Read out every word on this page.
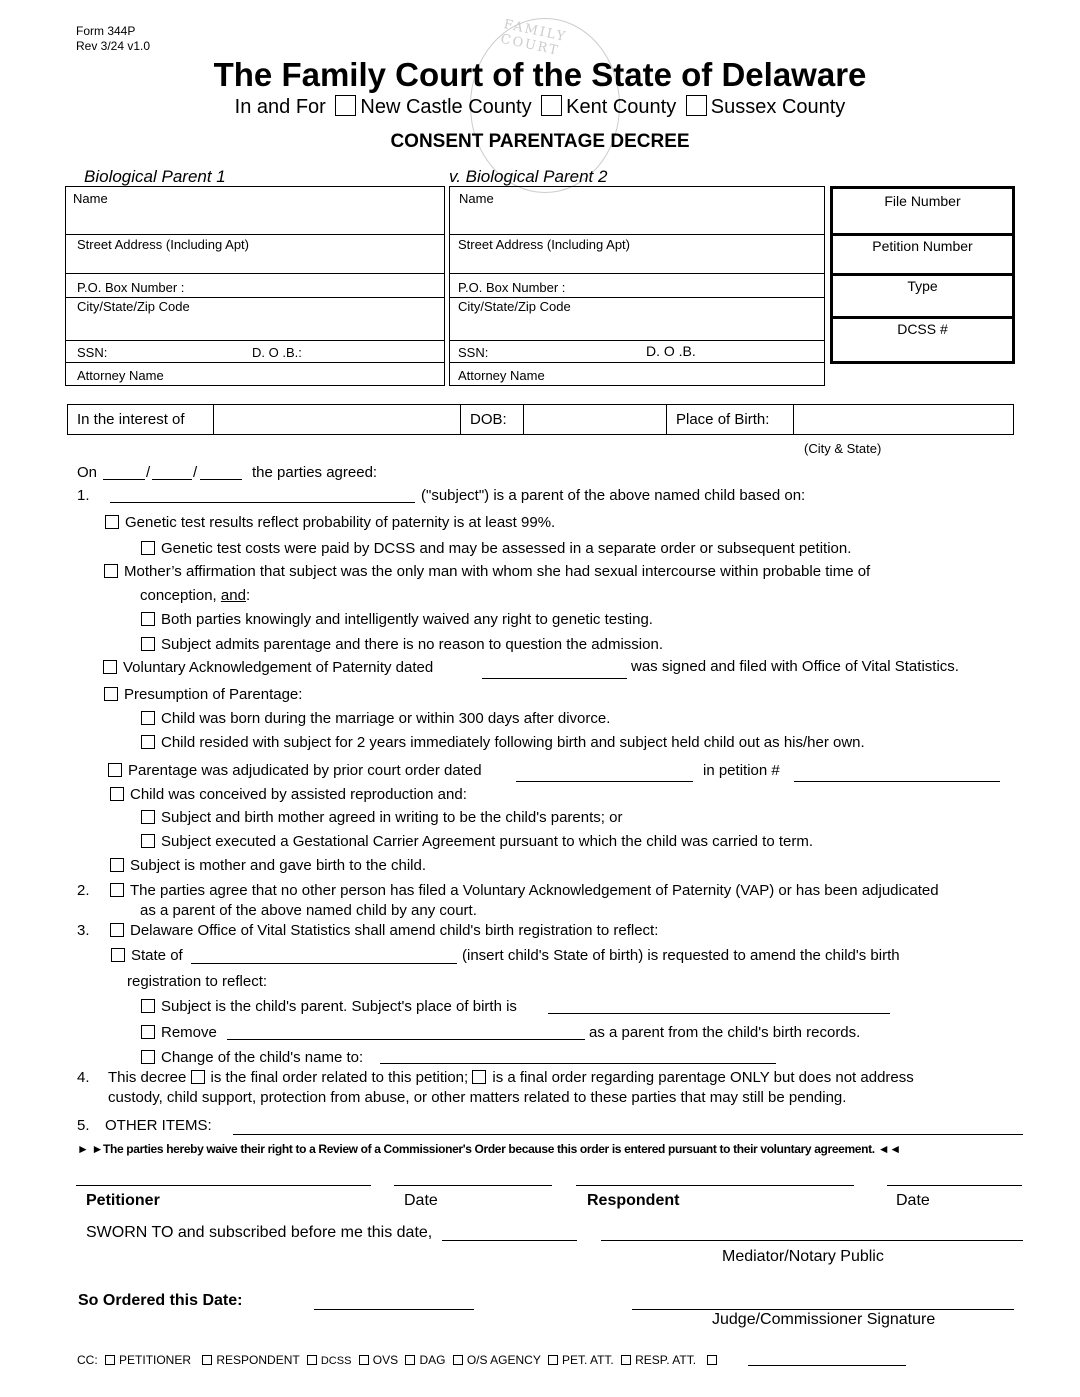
Form 344P
Rev 3/24 v1.0
FAMILY COURT
The Family Court of the State of Delaware
In and For New Castle County Kent County Sussex County
CONSENT PARENTAGE DECREE
Biological Parent 1	v. Biological Parent 2
Name
Street Address (Including Apt)
P.O. Box Number :
City/State/Zip Code
SSN:	D. O .B.:
Attorney Name
Name
Street Address (Including Apt)
P.O. Box Number :
City/State/Zip Code
SSN:	D. O .B.
Attorney Name
File Number
Petition Number
Type
DCSS #
In the interest of	DOB:	Place of Birth:
(City & State)
On	/	/	the parties agreed:
1.	("subject") is a parent of the above named child based on:
Genetic test results reflect probability of paternity is at least 99%.
Genetic test costs were paid by DCSS and may be assessed in a separate order or subsequent petition.
Mother’s affirmation that subject was the only man with whom she had sexual intercourse within probable time of
conception, and:
Both parties knowingly and intelligently waived any right to genetic testing.
Subject admits parentage and there is no reason to question the admission.
Voluntary Acknowledgement of Paternity dated	was signed and filed with Office of Vital Statistics.
Presumption of Parentage:
Child was born during the marriage or within 300 days after divorce.
Child resided with subject for 2 years immediately following birth and subject held child out as his/her own.
Parentage was adjudicated by prior court order dated	in petition #
Child was conceived by assisted reproduction and:
Subject and birth mother agreed in writing to be the child's parents; or
Subject executed a Gestational Carrier Agreement pursuant to which the child was carried to term.
Subject is mother and gave birth to the child.
2.	The parties agree that no other person has filed a Voluntary Acknowledgement of Paternity (VAP) or has been adjudicated
as a parent of the above named child by any court.
3.	Delaware Office of Vital Statistics shall amend child's birth registration to reflect:
State of	(insert child's State of birth) is requested to amend the child's birth
registration to reflect:
Subject is the child's parent. Subject's place of birth is
Remove	as a parent from the child's birth records.
Change of the child's name to:
4. This decree is the final order related to this petition; is a final order regarding parentage ONLY but does not address
custody, child support, protection from abuse, or other matters related to these parties that may still be pending.
5. OTHER ITEMS:
► ►The parties hereby waive their right to a Review of a Commissioner's Order because this order is entered pursuant to their voluntary agreement. ◄◄
Petitioner	Date	Respondent	Date
SWORN TO and subscribed before me this date,
Mediator/Notary Public
So Ordered this Date:
Judge/Commissioner Signature
CC: PETITIONER RESPONDENT DCSS OVS DAG O/S AGENCY PET. ATT. RESP. ATT.
